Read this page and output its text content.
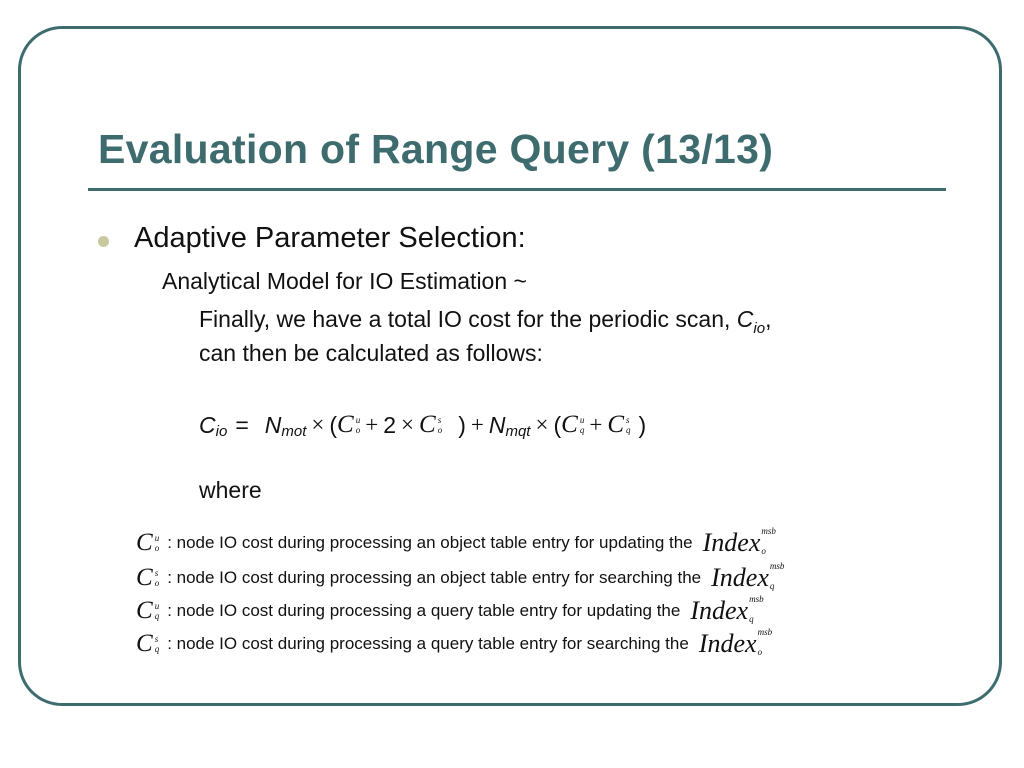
Evaluation of Range Query (13/13)

Adaptive Parameter Selection:

Analytical Model for IO Estimation ~

Finally, we have a total IO cost for the periodic scan, $C_{io}$,

can then be calculated as follows:

C io = N mot × ( C u
o + 2 × C s
o ) + N mqt × ( C u
q + C s
q )

where

C u
o : node IO cost during processing an object table entry for updating the Index msb
o
C s
o : node IO cost during processing an object table entry for searching the Index msb
q
C u
q : node IO cost during processing a query table entry for updating the Index msb
q
C s
q : node IO cost during processing a query table entry for searching the Index msb
o
